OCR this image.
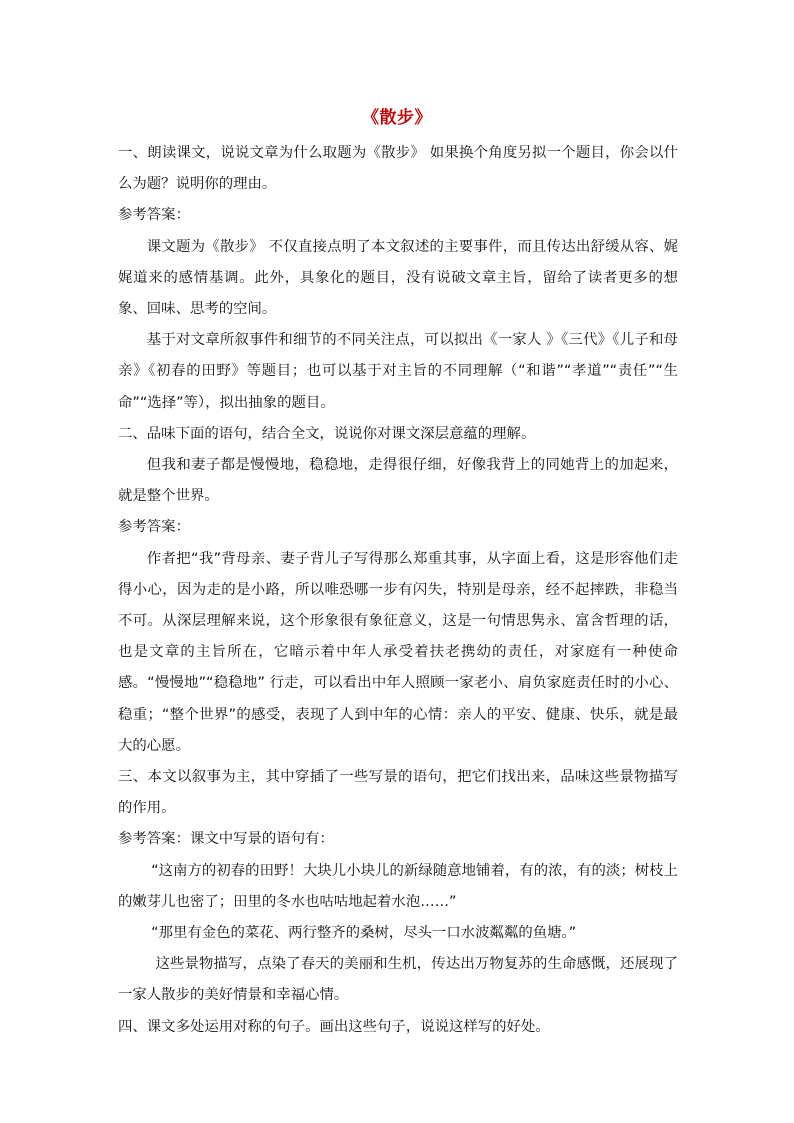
《散步》

一、朗读课文，说说文章为什么取题为《散步》 如果换个角度另拟一个题目，你会以什么为题？说明你的理由。

参考答案：

课文题为《散步》 不仅直接点明了本文叙述的主要事件，而且传达出舒缓从容、娓娓道来的感情基调。此外，具象化的题目，没有说破文章主旨，留给了读者更多的想象、回味、思考的空间。

基于对文章所叙事件和细节的不同关注点，可以拟出《一家人 》《三代》《儿子和母亲》《初春的田野》等题目；也可以基于对主旨的不同理解（“和谐”“孝道”“责任”“生命”“选择”等），拟出抽象的题目。

二、品味下面的语句，结合全文，说说你对课文深层意蕴的理解。

但我和妻子都是慢慢地，稳稳地，走得很仔细，好像我背上的同她背上的加起来，就是整个世界。

参考答案：

作者把“我”背母亲、妻子背儿子写得那么郑重其事，从字面上看，这是形容他们走得小心，因为走的是小路，所以唯恐哪一步有闪失，特别是母亲，经不起摔跌，非稳当不可。从深层理解来说，这个形象很有象征意义，这是一句情思隽永、富含哲理的话，也是文章的主旨所在，它暗示着中年人承受着扶老携幼的责任，对家庭有一种使命感。“慢慢地”“稳稳地” 行走，可以看出中年人照顾一家老小、肩负家庭责任时的小心、稳重；“整个世界”的感受，表现了人到中年的心情：亲人的平安、健康、快乐，就是最大的心愿。

三、本文以叙事为主，其中穿插了一些写景的语句，把它们找出来，品味这些景物描写的作用。

参考答案：课文中写景的语句有：

“这南方的初春的田野！大块儿小块儿的新绿随意地铺着，有的浓，有的淡；树枝上的嫩芽儿也密了；田里的冬水也咕咕地起着水泡……”

“那里有金色的菜花、两行整齐的桑树，尽头一口水波粼粼的鱼塘。”

这些景物描写，点染了春天的美丽和生机，传达出万物复苏的生命感慨，还展现了一家人散步的美好情景和幸福心情。

四、课文多处运用对称的句子。画出这些句子，说说这样写的好处。
